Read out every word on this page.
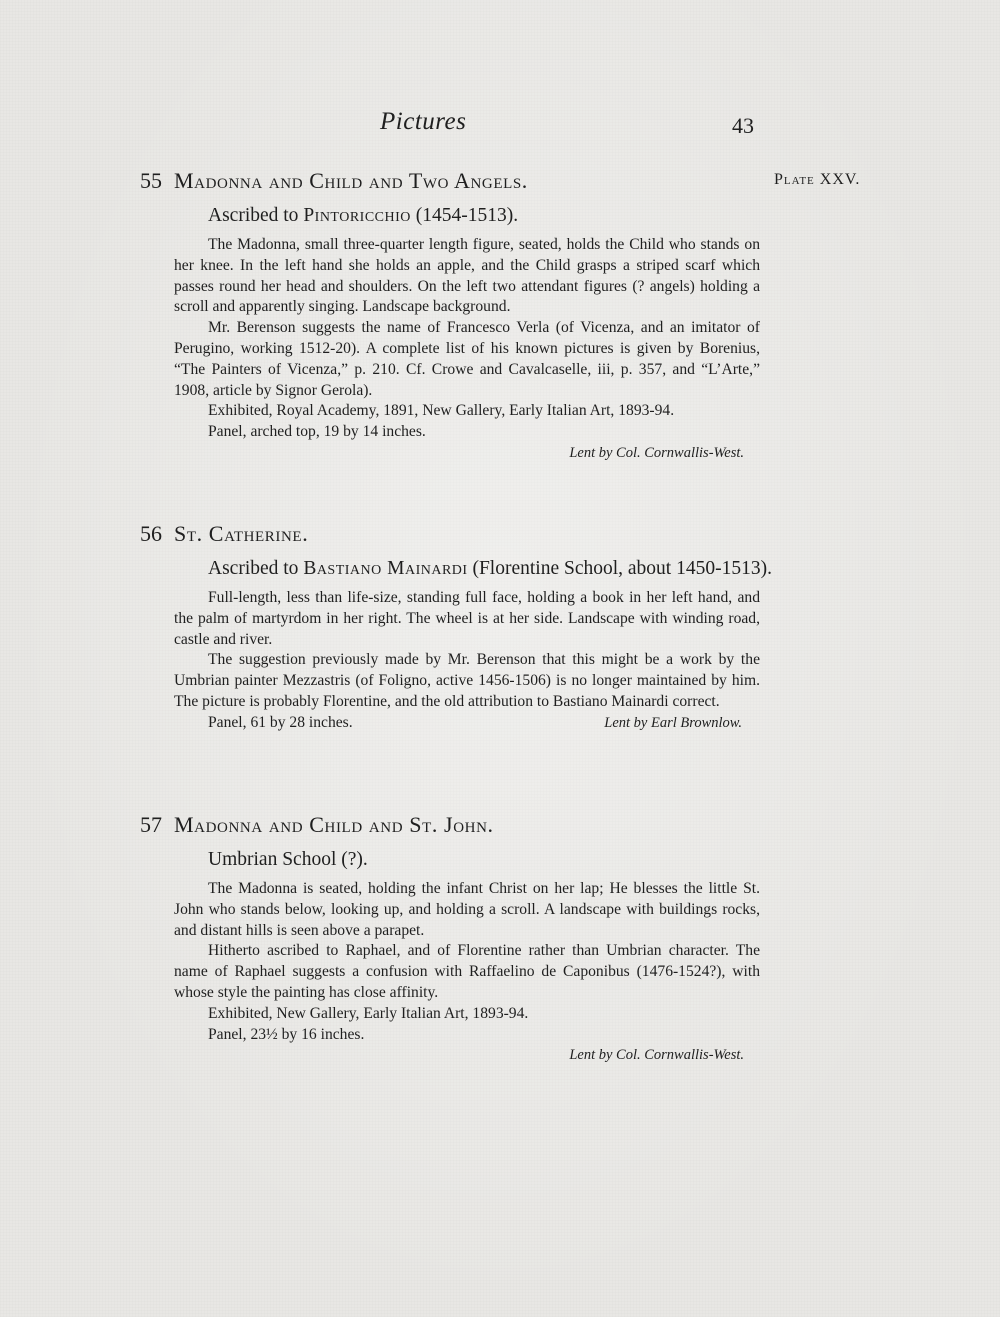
Pictures	43
55 Madonna and Child and Two Angels.	Plate XXV.
Ascribed to Pintoricchio (1454-1513).

The Madonna, small three-quarter length figure, seated, holds the Child who stands on her knee. In the left hand she holds an apple, and the Child grasps a striped scarf which passes round her head and shoulders. On the left two attendant figures (? angels) holding a scroll and apparently singing. Landscape background.

Mr. Berenson suggests the name of Francesco Verla (of Vicenza, and an imitator of Perugino, working 1512-20). A complete list of his known pictures is given by Borenius, “The Painters of Vicenza,” p. 210. Cf. Crowe and Cavalcaselle, iii, p. 357, and “L’Arte,” 1908, article by Signor Gerola).

Exhibited, Royal Academy, 1891, New Gallery, Early Italian Art, 1893-94.

Panel, arched top, 19 by 14 inches.

Lent by Col. Cornwallis-West.
56 St. Catherine.
Ascribed to Bastiano Mainardi (Florentine School, about 1450-1513).

Full-length, less than life-size, standing full face, holding a book in her left hand, and the palm of martyrdom in her right. The wheel is at her side. Landscape with winding road, castle and river.

The suggestion previously made by Mr. Berenson that this might be a work by the Umbrian painter Mezzastris (of Foligno, active 1456-1506) is no longer maintained by him. The picture is probably Florentine, and the old attribution to Bastiano Mainardi correct.

Panel, 61 by 28 inches.	Lent by Earl Brownlow.
57 Madonna and Child and St. John.
Umbrian School (?).

The Madonna is seated, holding the infant Christ on her lap; He blesses the little St. John who stands below, looking up, and holding a scroll. A landscape with buildings rocks, and distant hills is seen above a parapet.

Hitherto ascribed to Raphael, and of Florentine rather than Umbrian character. The name of Raphael suggests a confusion with Raffaelino de Caponibus (1476-1524?), with whose style the painting has close affinity.

Exhibited, New Gallery, Early Italian Art, 1893-94.

Panel, 23½ by 16 inches.

Lent by Col. Cornwallis-West.
